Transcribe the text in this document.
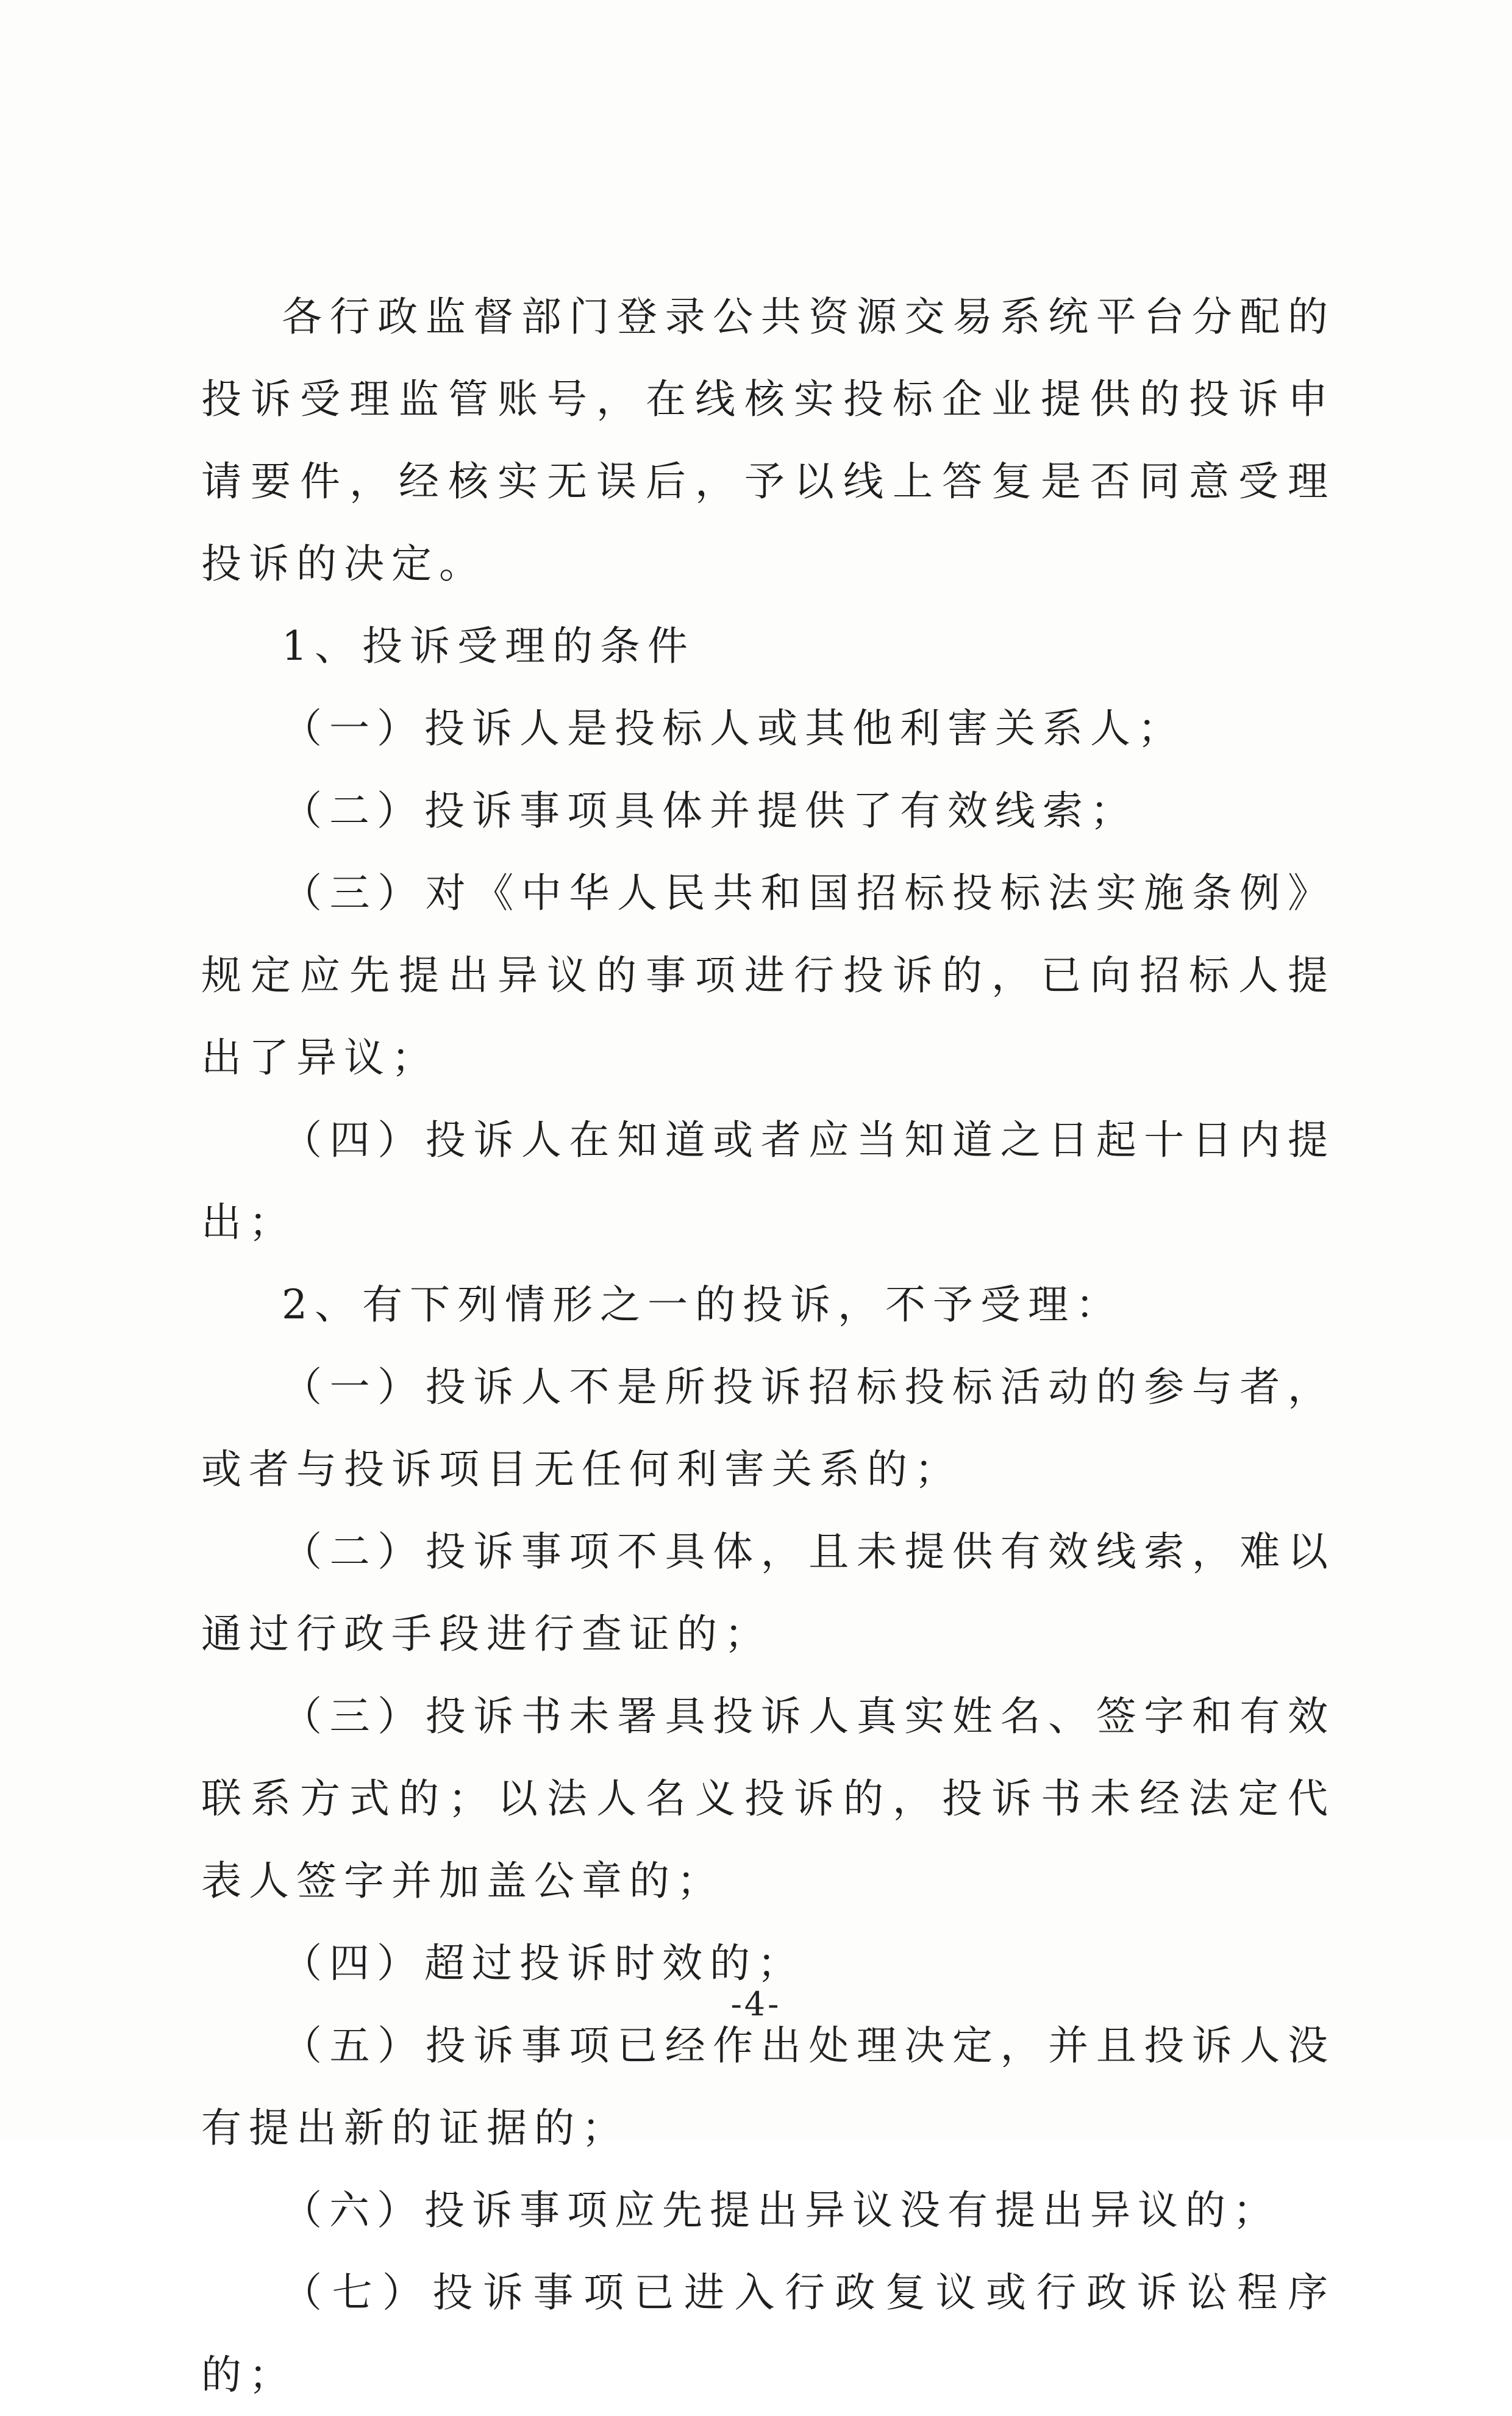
各行政监督部门登录公共资源交易系统平台分配的投诉受理监管账号，在线核实投标企业提供的投诉申请要件，经核实无误后，予以线上答复是否同意受理投诉的决定。

1、投诉受理的条件

（一）投诉人是投标人或其他利害关系人；

（二）投诉事项具体并提供了有效线索；

（三）对《中华人民共和国招标投标法实施条例》规定应先提出异议的事项进行投诉的，已向招标人提出了异议；

（四）投诉人在知道或者应当知道之日起十日内提出；

2、有下列情形之一的投诉，不予受理：

（一）投诉人不是所投诉招标投标活动的参与者，或者与投诉项目无任何利害关系的；

（二）投诉事项不具体，且未提供有效线索，难以通过行政手段进行查证的；

（三）投诉书未署具投诉人真实姓名、签字和有效联系方式的；以法人名义投诉的，投诉书未经法定代表人签字并加盖公章的；

（四）超过投诉时效的；

（五）投诉事项已经作出处理决定，并且投诉人没有提出新的证据的；

（六）投诉事项应先提出异议没有提出异议的；

（七）投诉事项已进入行政复议或行政诉讼程序的；

-4-
